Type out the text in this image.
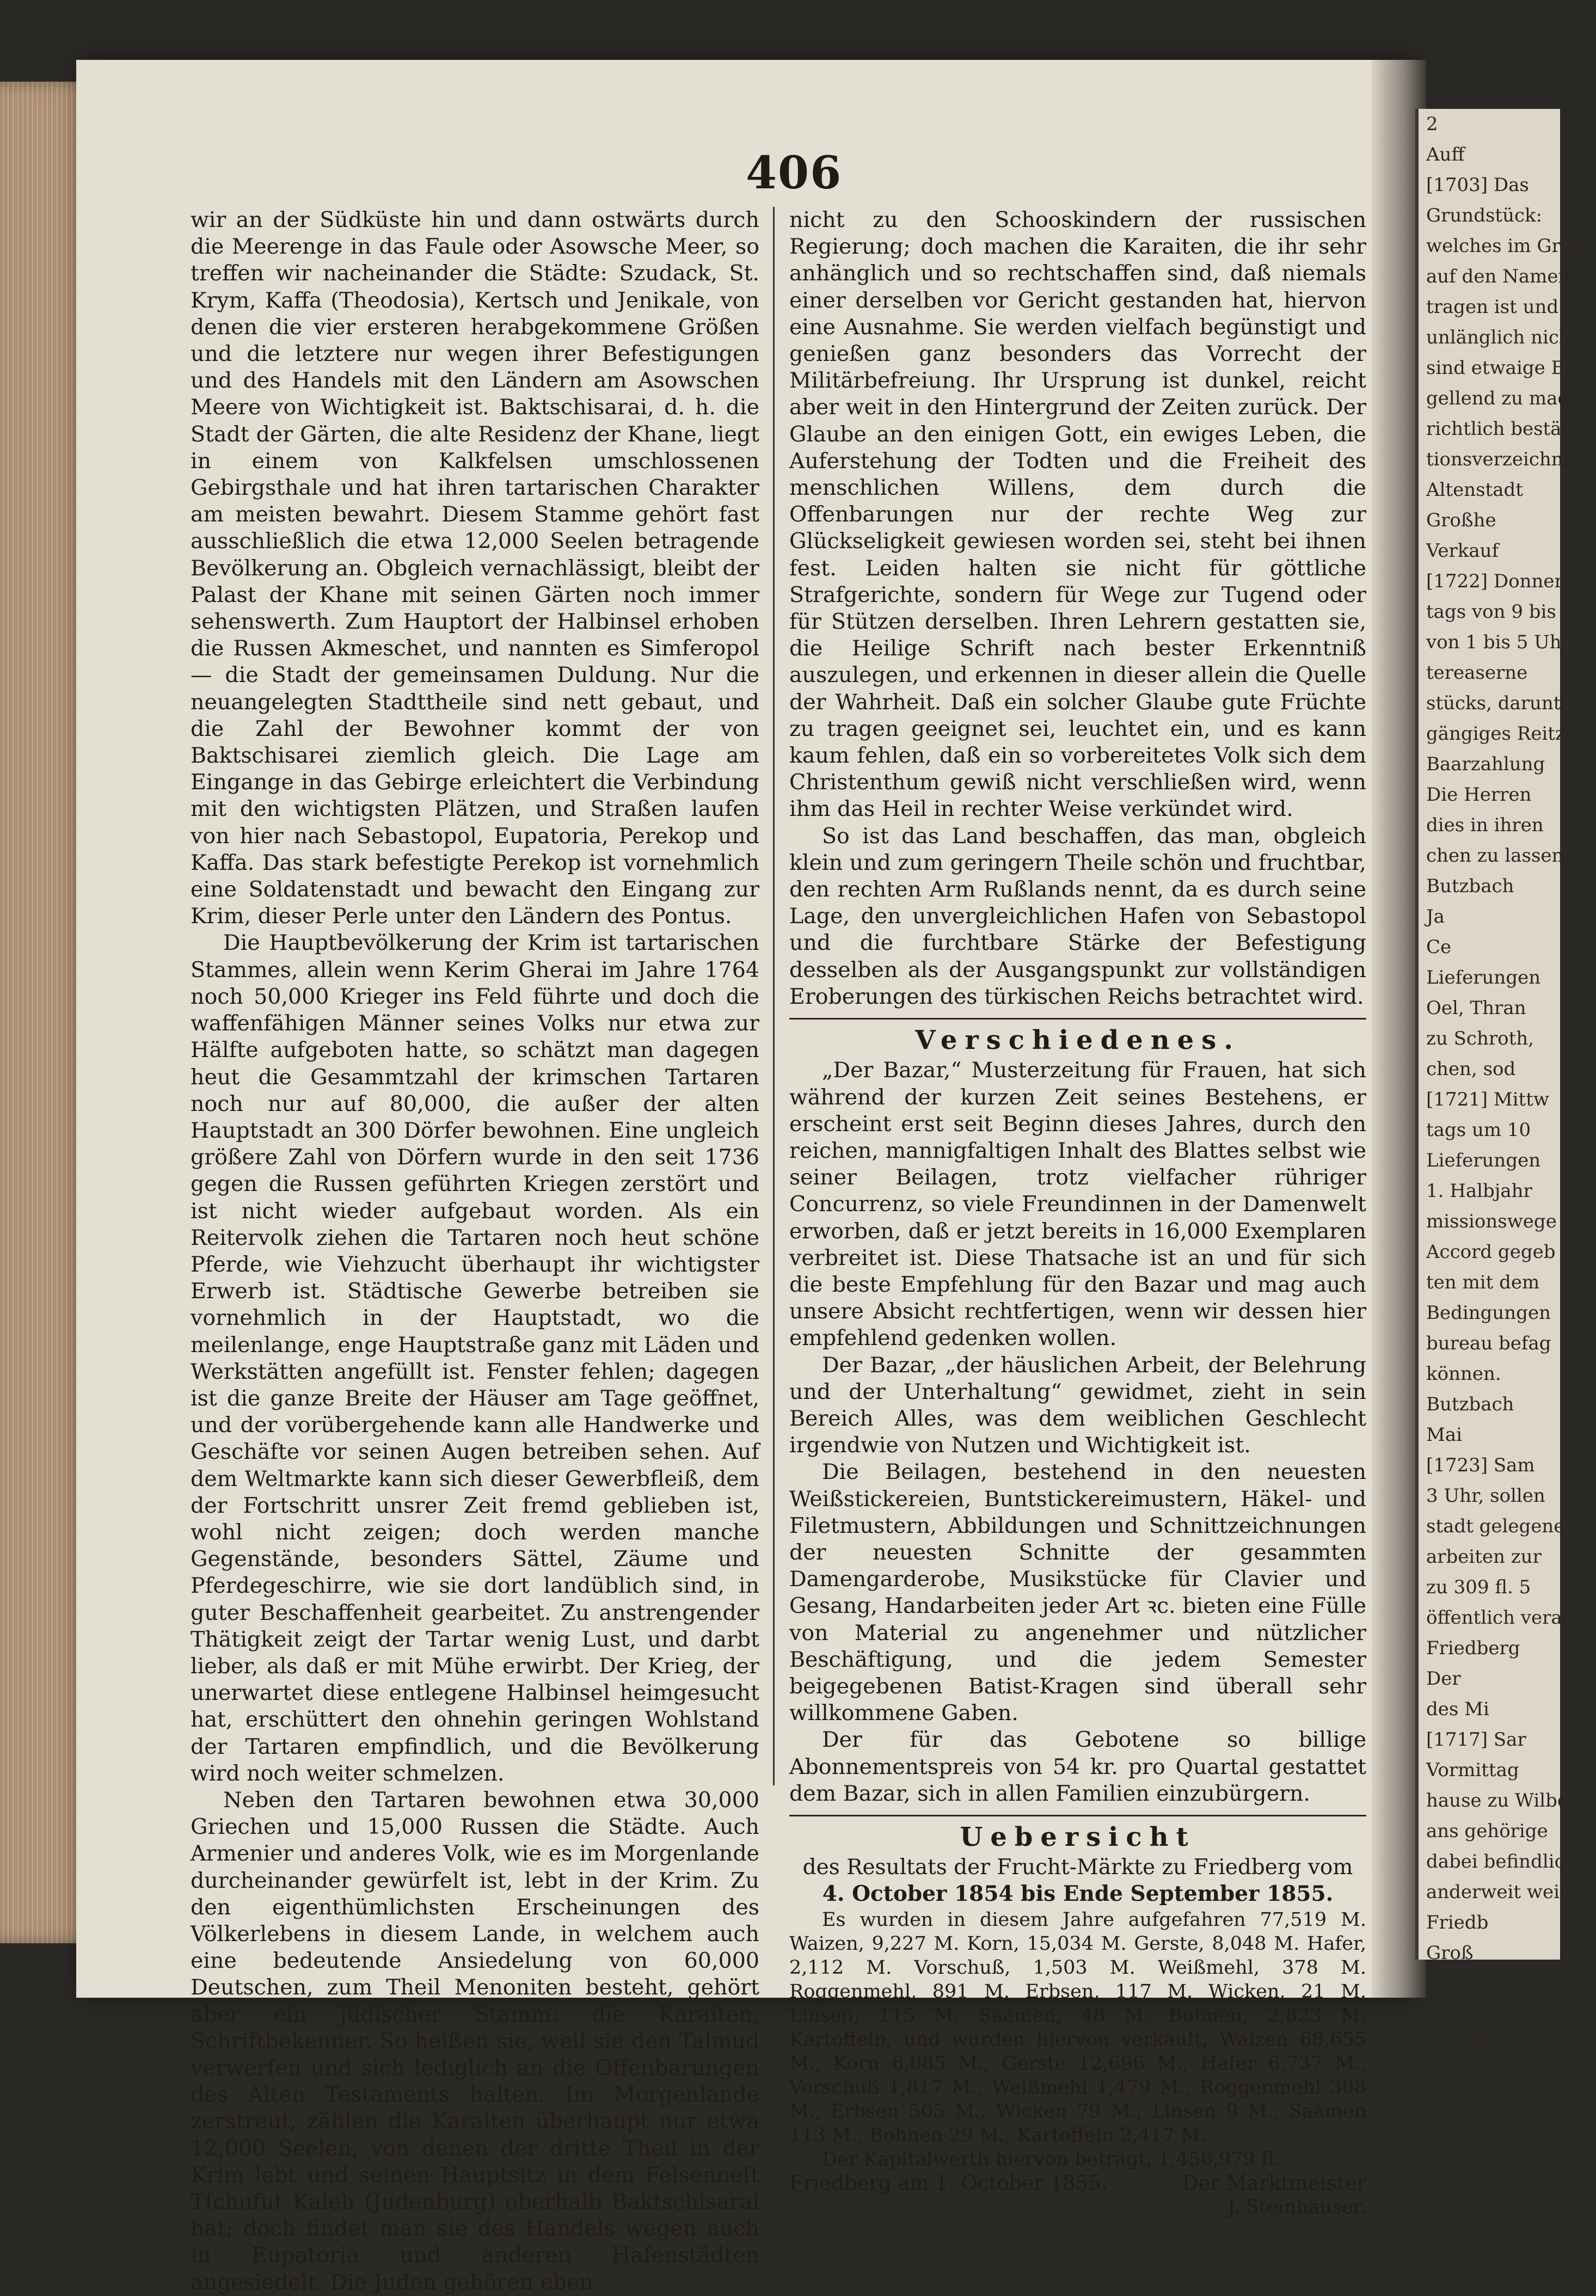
2
Auff
[1703] Das
Grundstück:
welches im Grund
auf den Namen
tragen ist und
unlänglich nicht
sind etwaige Eige
gellend zu mach
richtlich bestätigt
tionsverzeichniß
Altenstadt
Großhe
Verkauf
[1722] Donnerst
tags von 9 bis
von 1 bis 5 Uh
tereaserne
stücks, darunter
gängiges Reitze
Baarzahlung
Die Herren
dies in ihren
chen zu lassen.
Butzbach
Ja
Ce
Lieferungen
Oel, Thran
zu Schroth,
chen, sod
[1721] Mittw
tags um 10
Lieferungen
1. Halbjahr
missionswege
Accord gegeb
ten mit dem
Bedingungen
bureau befag
können.
Butzbach
Mai
[1723] Sam
3 Uhr, sollen
stadt gelegenen
arbeiten zur
zu 309 fl. 5
öffentlich veral
Friedberg
Der
des Mi
[1717] Sar
Vormittag
hause zu Wilbe
ans gehörige
dabei befindlich
anderweit weiß
Friedb
Groß
[1719] liegen
zum Ausleihen
Friedberg,
406

wir an der Südküste hin und dann ostwärts durch die Meerenge in das Faule oder Asowsche Meer, so treffen wir nacheinander die Städte: Szudack, St. Krym, Kaffa (Theodosia), Kertsch und Jenikale, von denen die vier ersteren herabgekommene Größen und die letztere nur wegen ihrer Befestigungen und des Handels mit den Ländern am Asowschen Meere von Wichtigkeit ist. Baktschisarai, d. h. die Stadt der Gärten, die alte Residenz der Khane, liegt in einem von Kalkfelsen umschlossenen Gebirgsthale und hat ihren tartarischen Charakter am meisten bewahrt. Diesem Stamme gehört fast ausschließlich die etwa 12,000 Seelen betragende Bevölkerung an. Obgleich vernachlässigt, bleibt der Palast der Khane mit seinen Gärten noch immer sehenswerth. Zum Hauptort der Halbinsel erhoben die Russen Akmeschet, und nannten es Simferopol — die Stadt der gemeinsamen Duldung. Nur die neuangelegten Stadttheile sind nett gebaut, und die Zahl der Bewohner kommt der von Baktschisarei ziemlich gleich. Die Lage am Eingange in das Gebirge erleichtert die Verbindung mit den wichtigsten Plätzen, und Straßen laufen von hier nach Sebastopol, Eupatoria, Perekop und Kaffa. Das stark befestigte Perekop ist vornehmlich eine Soldatenstadt und bewacht den Eingang zur Krim, dieser Perle unter den Ländern des Pontus.

Die Hauptbevölkerung der Krim ist tartarischen Stammes, allein wenn Kerim Gherai im Jahre 1764 noch 50,000 Krieger ins Feld führte und doch die waffenfähigen Männer seines Volks nur etwa zur Hälfte aufgeboten hatte, so schätzt man dagegen heut die Gesammtzahl der krimschen Tartaren noch nur auf 80,000, die außer der alten Hauptstadt an 300 Dörfer bewohnen. Eine ungleich größere Zahl von Dörfern wurde in den seit 1736 gegen die Russen geführten Kriegen zerstört und ist nicht wieder aufgebaut worden. Als ein Reitervolk ziehen die Tartaren noch heut schöne Pferde, wie Viehzucht überhaupt ihr wichtigster Erwerb ist. Städtische Gewerbe betreiben sie vornehmlich in der Hauptstadt, wo die meilenlange, enge Hauptstraße ganz mit Läden und Werkstätten angefüllt ist. Fenster fehlen; dagegen ist die ganze Breite der Häuser am Tage geöffnet, und der vorübergehende kann alle Handwerke und Geschäfte vor seinen Augen betreiben sehen. Auf dem Weltmarkte kann sich dieser Gewerbfleiß, dem der Fortschritt unsrer Zeit fremd geblieben ist, wohl nicht zeigen; doch werden manche Gegenstände, besonders Sättel, Zäume und Pferdegeschirre, wie sie dort landüblich sind, in guter Beschaffenheit gearbeitet. Zu anstrengender Thätigkeit zeigt der Tartar wenig Lust, und darbt lieber, als daß er mit Mühe erwirbt. Der Krieg, der unerwartet diese entlegene Halbinsel heimgesucht hat, erschüttert den ohnehin geringen Wohlstand der Tartaren empfindlich, und die Bevölkerung wird noch weiter schmelzen.

Neben den Tartaren bewohnen etwa 30,000 Griechen und 15,000 Russen die Städte. Auch Armenier und anderes Volk, wie es im Morgenlande durcheinander gewürfelt ist, lebt in der Krim. Zu den eigenthümlichsten Erscheinungen des Völkerlebens in diesem Lande, in welchem auch eine bedeutende Ansiedelung von 60,000 Deutschen, zum Theil Menoniten besteht, gehört aber ein jüdischer Stamm: die Karaiten, Schriftbekenner. So heißen sie, weil sie den Talmud verwerfen und sich lediglich an die Offenbarungen des Alten Testaments halten. Im Morgenlande zerstreut, zählen die Karaiten überhaupt nur etwa 12,000 Seelen, von denen der dritte Theil in der Krim lebt und seinen Hauptsitz in dem Felsenneſt Tſchufut Kaleh (Judenburg) oberhalb Baktschisarai hat; doch findet man sie des Handels wegen auch in Eupatoria und anderen Hafenstädten angesiedelt. Die Juden gehören eben

nicht zu den Schooskindern der russischen Regierung; doch machen die Karaiten, die ihr sehr anhänglich und so rechtschaffen sind, daß niemals einer derselben vor Gericht gestanden hat, hiervon eine Ausnahme. Sie werden vielfach begünstigt und genießen ganz besonders das Vorrecht der Militärbefreiung. Ihr Ursprung ist dunkel, reicht aber weit in den Hintergrund der Zeiten zurück. Der Glaube an den einigen Gott, ein ewiges Leben, die Auferstehung der Todten und die Freiheit des menschlichen Willens, dem durch die Offenbarungen nur der rechte Weg zur Glückseligkeit gewiesen worden sei, steht bei ihnen fest. Leiden halten sie nicht für göttliche Strafgerichte, sondern für Wege zur Tugend oder für Stützen derselben. Ihren Lehrern gestatten sie, die Heilige Schrift nach bester Erkenntniß auszulegen, und erkennen in dieser allein die Quelle der Wahrheit. Daß ein solcher Glaube gute Früchte zu tragen geeignet sei, leuchtet ein, und es kann kaum fehlen, daß ein so vorbereitetes Volk sich dem Christenthum gewiß nicht verschließen wird, wenn ihm das Heil in rechter Weise verkündet wird.

So ist das Land beschaffen, das man, obgleich klein und zum geringern Theile schön und fruchtbar, den rechten Arm Rußlands nennt, da es durch seine Lage, den unvergleichlichen Hafen von Sebastopol und die furchtbare Stärke der Befestigung desselben als der Ausgangspunkt zur vollständigen Eroberungen des türkischen Reichs betrachtet wird.

Verschiedenes.

„Der Bazar,“ Musterzeitung für Frauen, hat sich während der kurzen Zeit seines Bestehens, er erscheint erst seit Beginn dieses Jahres, durch den reichen, mannigfaltigen Inhalt des Blattes selbst wie seiner Beilagen, trotz vielfacher rühriger Concurrenz, so viele Freundinnen in der Damenwelt erworben, daß er jetzt bereits in 16,000 Exemplaren verbreitet ist. Diese Thatsache ist an und für sich die beste Empfehlung für den Bazar und mag auch unsere Absicht rechtfertigen, wenn wir dessen hier empfehlend gedenken wollen.

Der Bazar, „der häuslichen Arbeit, der Belehrung und der Unterhaltung“ gewidmet, zieht in sein Bereich Alles, was dem weiblichen Geschlecht irgendwie von Nutzen und Wichtigkeit ist.

Die Beilagen, bestehend in den neuesten Weißstickereien, Buntstickereimustern, Häkel- und Filetmustern, Abbildungen und Schnittzeichnungen der neuesten Schnitte der gesammten Damengarderobe, Musikstücke für Clavier und Gesang, Handarbeiten jeder Art ꝛc. bieten eine Fülle von Material zu angenehmer und nützlicher Beschäftigung, und die jedem Semester beigegebenen Batist-Kragen sind überall sehr willkommene Gaben.

Der für das Gebotene so billige Abonnementspreis von 54 kr. pro Quartal gestattet dem Bazar, sich in allen Familien einzubürgern.

Uebersicht
des Resultats der Frucht-Märkte zu Friedberg vom
4. October 1854 bis Ende September 1855.

Es wurden in diesem Jahre aufgefahren 77,519 M. Waizen, 9,227 M. Korn, 15,034 M. Gerste, 8,048 M. Hafer, 2,112 M. Vorschuß, 1,503 M. Weißmehl, 378 M. Roggenmehl, 891 M. Erbsen, 117 M. Wicken, 21 M. Linsen, 115 M. Saamen, 48 M. Bohnen, 2,823 M. Kartoffeln, und wurden hiervon verkauft, Waizen 68,655 M., Korn 6,085 M., Gerste 12,696 M., Hafer 6,737 M., Vorschuß 1,817 M., Weißmehl 1,479 M., Roggenmehl 308 M., Erbsen 505 M., Wicken 79 M., Linsen 9 M., Saamen 113 M., Bohnen 29 M., Kartoffeln 2,417 M.

Der Kapitalwerth hiervon beträgt, 1,456,979 fl.

Friedberg am 1. October 1855.	Der Marktmeister
J. Steinhäuser.
